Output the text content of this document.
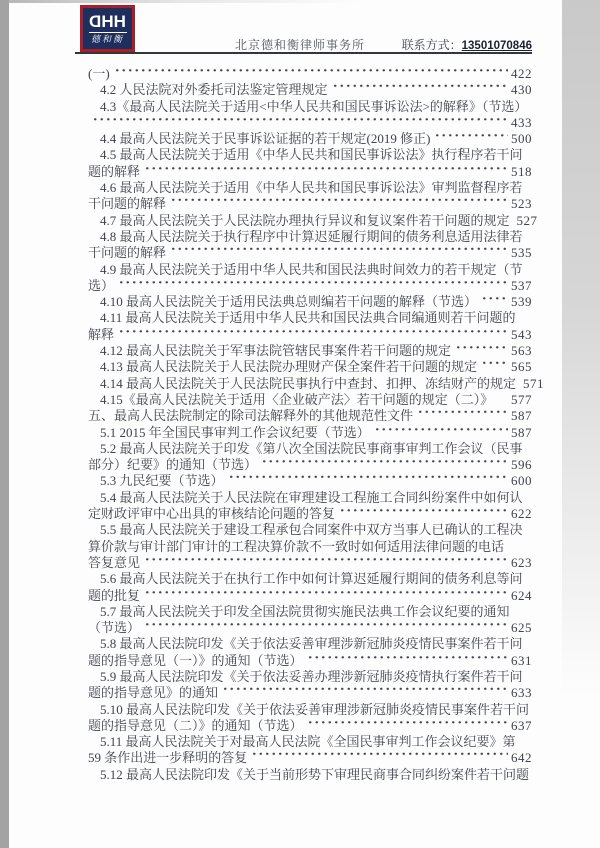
D H H
德和衡	北京德和衡律师事务所	联系方式：13501070846
(一)	422
4.2 人民法院对外委托司法鉴定管理规定	430
4.3《最高人民法院关于适用<中华人民共和国民事诉讼法>的解释》（节选）
433
4.4 最高人民法院关于民事诉讼证据的若干规定(2019 修正)	500
4.5 最高人民法院关于适用《中华人民共和国民事诉讼法》执行程序若干问
题的解释	518
4.6 最高人民法院关于适用《中华人民共和国民事诉讼法》审判监督程序若
干问题的解释	523
4.7 最高人民法院关于人民法院办理执行异议和复议案件若干问题的规定 527
4.8 最高人民法院关于执行程序中计算迟延履行期间的债务利息适用法律若
干问题的解释	535
4.9 最高人民法院关于适用中华人民共和国民法典时间效力的若干规定（节
选）	537
4.10 最高人民法院关于适用民法典总则编若干问题的解释（节选）	539
4.11 最高人民法院关于适用中华人民共和国民法典合同编通则若干问题的
解释	543
4.12 最高人民法院关于军事法院管辖民事案件若干问题的规定	563
4.13 最高人民法院关于人民法院办理财产保全案件若干问题的规定	565
4.14 最高人民法院关于人民法院民事执行中查封、扣押、冻结财产的规定 571
4.15《最高人民法院关于适用〈企业破产法〉若干问题的规定（二）》 577
五、最高人民法院制定的除司法解释外的其他规范性文件	587
5.1 2015 年全国民事审判工作会议纪要（节选）	587
5.2 最高人民法院关于印发《第八次全国法院民事商事审判工作会议（民事
部分）纪要》的通知（节选）	596
5.3 九民纪要（节选）	600
5.4 最高人民法院关于人民法院在审理建设工程施工合同纠纷案件中如何认
定财政评审中心出具的审核结论问题的答复	622
5.5 最高人民法院关于建设工程承包合同案件中双方当事人已确认的工程决
算价款与审计部门审计的工程决算价款不一致时如何适用法律问题的电话
答复意见	623
5.6 最高人民法院关于在执行工作中如何计算迟延履行期间的债务利息等问
题的批复	624
5.7 最高人民法院关于印发全国法院贯彻实施民法典工作会议纪要的通知
（节选）	625
5.8 最高人民法院印发《关于依法妥善审理涉新冠肺炎疫情民事案件若干问
题的指导意见（一）》的通知（节选）	631
5.9 最高人民法院印发《关于依法妥善办理涉新冠肺炎疫情执行案件若干问
题的指导意见》的通知	633
5.10 最高人民法院印发《关于依法妥善审理涉新冠肺炎疫情民事案件若干问
题的指导意见（二）》的通知（节选）	637
5.11 最高人民法院关于对最高人民法院《全国民事审判工作会议纪要》第
59 条作出进一步释明的答复	642
5.12 最高人民法院印发《关于当前形势下审理民商事合同纠纷案件若干问题
